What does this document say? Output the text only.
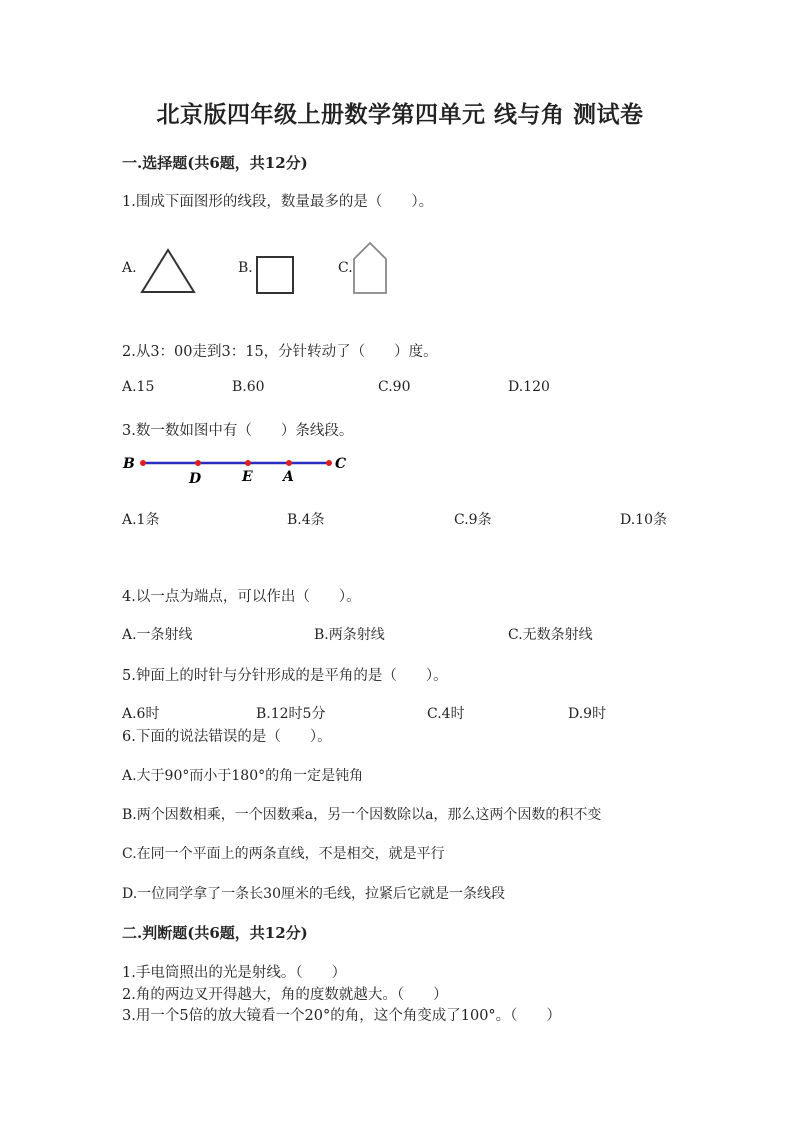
北京版四年级上册数学第四单元 线与角 测试卷
一.选择题(共6题，共12分)
1.围成下面图形的线段，数量最多的是（　　）。
A.	B.	C.
2.从3：00走到3：15，分针转动了（　　）度。
A.15	B.60	C.90	D.120
3.数一数如图中有（　　）条线段。
B
D	E A
C
A.1条	B.4条	C.9条	D.10条
4.以一点为端点，可以作出（　　）。
A.一条射线	B.两条射线	C.无数条射线
5.钟面上的时针与分针形成的是平角的是（　　）。
A.6时	B.12时5分	C.4时	D.9时
6.下面的说法错误的是（　　）。
A.大于90°而小于180°的角一定是钝角
B.两个因数相乘，一个因数乘a，另一个因数除以a，那么这两个因数的积不变
C.在同一个平面上的两条直线，不是相交，就是平行
D.一位同学拿了一条长30厘米的毛线，拉紧后它就是一条线段
二.判断题(共6题，共12分)
1.手电筒照出的光是射线。（　　）
2.角的两边叉开得越大，角的度数就越大。（　　）
3.用一个5倍的放大镜看一个20°的角，这个角变成了100°。（　　）
